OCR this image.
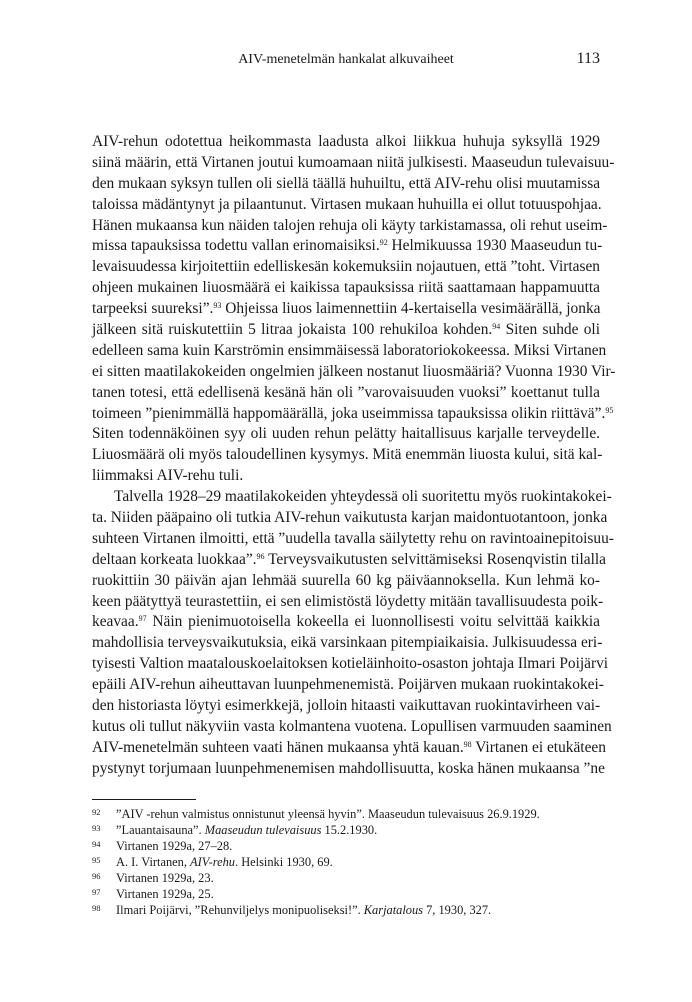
AIV-menetelmän hankalat alkuvaiheet	113
AIV-rehun odotettua heikommasta laadusta alkoi liikkua huhuja syksyllä 1929
siinä määrin, että Virtanen joutui kumoamaan niitä julkisesti. Maaseudun tulevaisuu-
den mukaan syksyn tullen oli siellä täällä huhuiltu, että AIV-rehu olisi muutamissa
taloissa mädäntynyt ja pilaantunut. Virtasen mukaan huhuilla ei ollut totuuspohjaa.
Hänen mukaansa kun näiden talojen rehuja oli käyty tarkistamassa, oli rehut useim-
missa tapauksissa todettu vallan erinomaisiksi.$^{92}$ Helmikuussa 1930 Maaseudun tu-
levaisuudessa kirjoitettiin edelliskesän kokemuksiin nojautuen, että ”toht. Virtasen
ohjeen mukainen liuosmäärä ei kaikissa tapauksissa riitä saattamaan happamuutta
tarpeeksi suureksi”.$^{93}$ Ohjeissa liuos laimennettiin 4-kertaisella vesimäärällä, jonka
jälkeen sitä ruiskutettiin 5 litraa jokaista 100 rehukiloa kohden.$^{94}$ Siten suhde oli
edelleen sama kuin Karströmin ensimmäisessä laboratoriokokeessa. Miksi Virtanen
ei sitten maatilakokeiden ongelmien jälkeen nostanut liuosmääriä? Vuonna 1930 Vir-
tanen totesi, että edellisenä kesänä hän oli ”varovaisuuden vuoksi” koettanut tulla
toimeen ”pienimmällä happomäärällä, joka useimmissa tapauksissa olikin riittävä”.$^{95}$
Siten todennäköinen syy oli uuden rehun pelätty haitallisuus karjalle terveydelle.
Liuosmäärä oli myös taloudellinen kysymys. Mitä enemmän liuosta kului, sitä kal-
liimmaksi AIV-rehu tuli.
Talvella 1928–29 maatilakokeiden yhteydessä oli suoritettu myös ruokintakokei-
ta. Niiden pääpaino oli tutkia AIV-rehun vaikutusta karjan maidontuotantoon, jonka
suhteen Virtanen ilmoitti, että ”uudella tavalla säilytetty rehu on ravintoainepitoisuu-
deltaan korkeata luokkaa”.$^{96}$ Terveysvaikutusten selvittämiseksi Rosenqvistin tilalla
ruokittiin 30 päivän ajan lehmää suurella 60 kg päiväannoksella. Kun lehmä ko-
keen päätyttyä teurastettiin, ei sen elimistöstä löydetty mitään tavallisuudesta poik-
keavaa.$^{97}$ Näin pienimuotoisella kokeella ei luonnollisesti voitu selvittää kaikkia
mahdollisia terveysvaikutuksia, eikä varsinkaan pitempiaikaisia. Julkisuudessa eri-
tyisesti Valtion maatalouskoelaitoksen kotieläinhoito-osaston johtaja Ilmari Poijärvi
epäili AIV-rehun aiheuttavan luunpehmenemistä. Poijärven mukaan ruokintakokei-
den historiasta löytyi esimerkkejä, jolloin hitaasti vaikuttavan ruokintavirheen vai-
kutus oli tullut näkyviin vasta kolmantena vuotena. Lopullisen varmuuden saaminen
AIV-menetelmän suhteen vaati hänen mukaansa yhtä kauan.$^{98}$ Virtanen ei etukäteen
pystynyt torjumaan luunpehmenemisen mahdollisuutta, koska hänen mukaansa ”ne
92 ”AIV -rehun valmistus onnistunut yleensä hyvin”. Maaseudun tulevaisuus 26.9.1929.
93 ”Lauantaisauna”. Maaseudun tulevaisuus 15.2.1930.
94 Virtanen 1929a, 27–28.
95 A. I. Virtanen, AIV-rehu. Helsinki 1930, 69.
96 Virtanen 1929a, 23.
97 Virtanen 1929a, 25.
98 Ilmari Poijärvi, ”Rehunviljelys monipuoliseksi!”. Karjatalous 7, 1930, 327.
